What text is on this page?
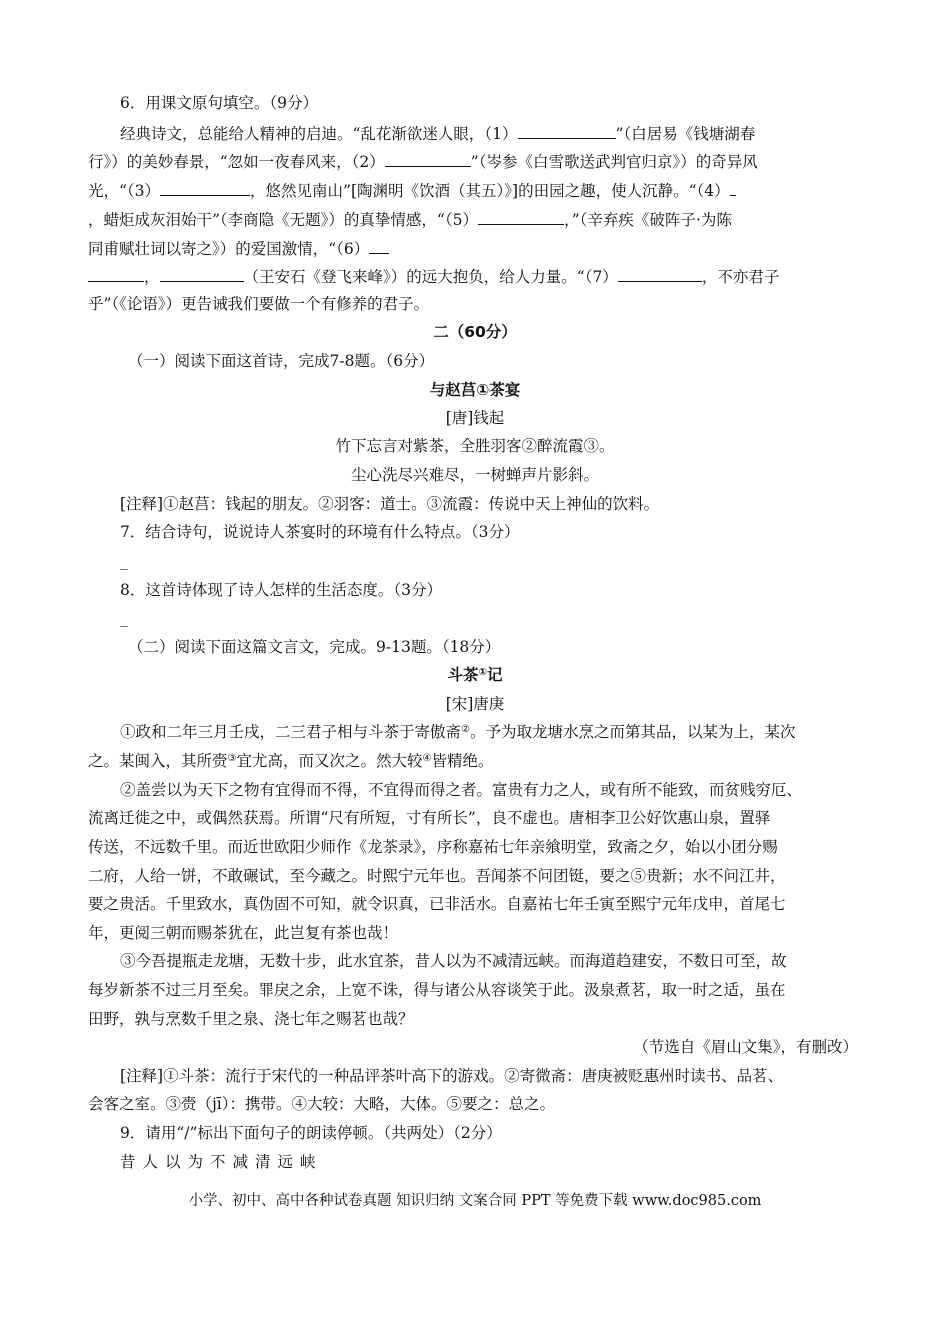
6．用课文原句填空。（9分）
经典诗文，总能给人精神的启迪。“乱花渐欲迷人眼，（1）	”（白居易《钱塘湖春
行》）的美妙春景，“忽如一夜春风来，（2）	”（岑参《白雪歌送武判官归京》）的奇异风
光，“（3）	，悠然见南山”[陶渊明《饮酒（其五）》]的田园之趣，使人沉静。“（4）
，蜡炬成灰泪始干”（李商隐《无题》）的真挚情感，“（5）	，”（辛弃疾《破阵子·为陈
同甫赋壮词以寄之》）的爱国激情，“（6）
，	（王安石《登飞来峰》）的远大抱负，给人力量。“（7）	，不亦君子
乎”（《论语》）更告诫我们要做一个有修养的君子。
二（60分）
（一）阅读下面这首诗，完成7-8题。（6分）
与赵莒①茶宴
[唐]钱起
竹下忘言对紫茶，全胜羽客②醉流霞③。
尘心洗尽兴难尽，一树蝉声片影斜。
[注释]①赵莒：钱起的朋友。②羽客：道士。③流霞：传说中天上神仙的饮料。
7．结合诗句，说说诗人茶宴时的环境有什么特点。（3分）
_
8．这首诗体现了诗人怎样的生活态度。（3分）
_
（二）阅读下面这篇文言文，完成。9-13题。（18分）
斗茶①记
[宋]唐庚
①政和二年三月壬戌，二三君子相与斗茶于寄傲斋②。予为取龙塘水烹之而第其品，以某为上，某次
之。某闽入，其所赍③宜尤高，而又次之。然大较④皆精绝。
②盖尝以为天下之物有宜得而不得，不宜得而得之者。富贵有力之人，或有所不能致，而贫贱穷厄、
流离迁徙之中，或偶然获焉。所谓“尺有所短，寸有所长”，良不虚也。唐相李卫公好饮惠山泉，置驿
传送，不远数千里。而近世欧阳少师作《龙茶录》，序称嘉祐七年亲飨明堂，致斋之夕，始以小团分赐
二府，人给一饼，不敢碾试，至今藏之。时熙宁元年也。吾闻茶不问团铤，要之⑤贵新；水不问江井，
要之贵活。千里致水，真伪固不可知，就令识真，已非活水。自嘉祐七年壬寅至熙宁元年戊申，首尾七
年，更阅三朝而赐茶犹在，此岂复有茶也哉！
③今吾提瓶走龙塘，无数十步，此水宜茶，昔人以为不减清远峡。而海道趋建安，不数日可至，故
每岁新茶不过三月至矣。罪戾之余，上宽不诛，得与诸公从容谈笑于此。汲泉煮茗，取一时之适，虽在
田野，孰与烹数千里之泉、浇七年之赐茗也哉？
（节选自《眉山文集》，有删改）
[注释]①斗茶：流行于宋代的一种品评茶叶高下的游戏。②寄微斋：唐庚被贬惠州时读书、品茗、
会客之室。③赍（jī）：携带。④大较：大略，大体。⑤要之：总之。
9．请用“/”标出下面句子的朗读停顿。（共两处）（2分）
昔人以为不减清远峡
小学、初中、高中各种试卷真题 知识归纳 文案合同 PPT 等免费下载 www.doc985.com
